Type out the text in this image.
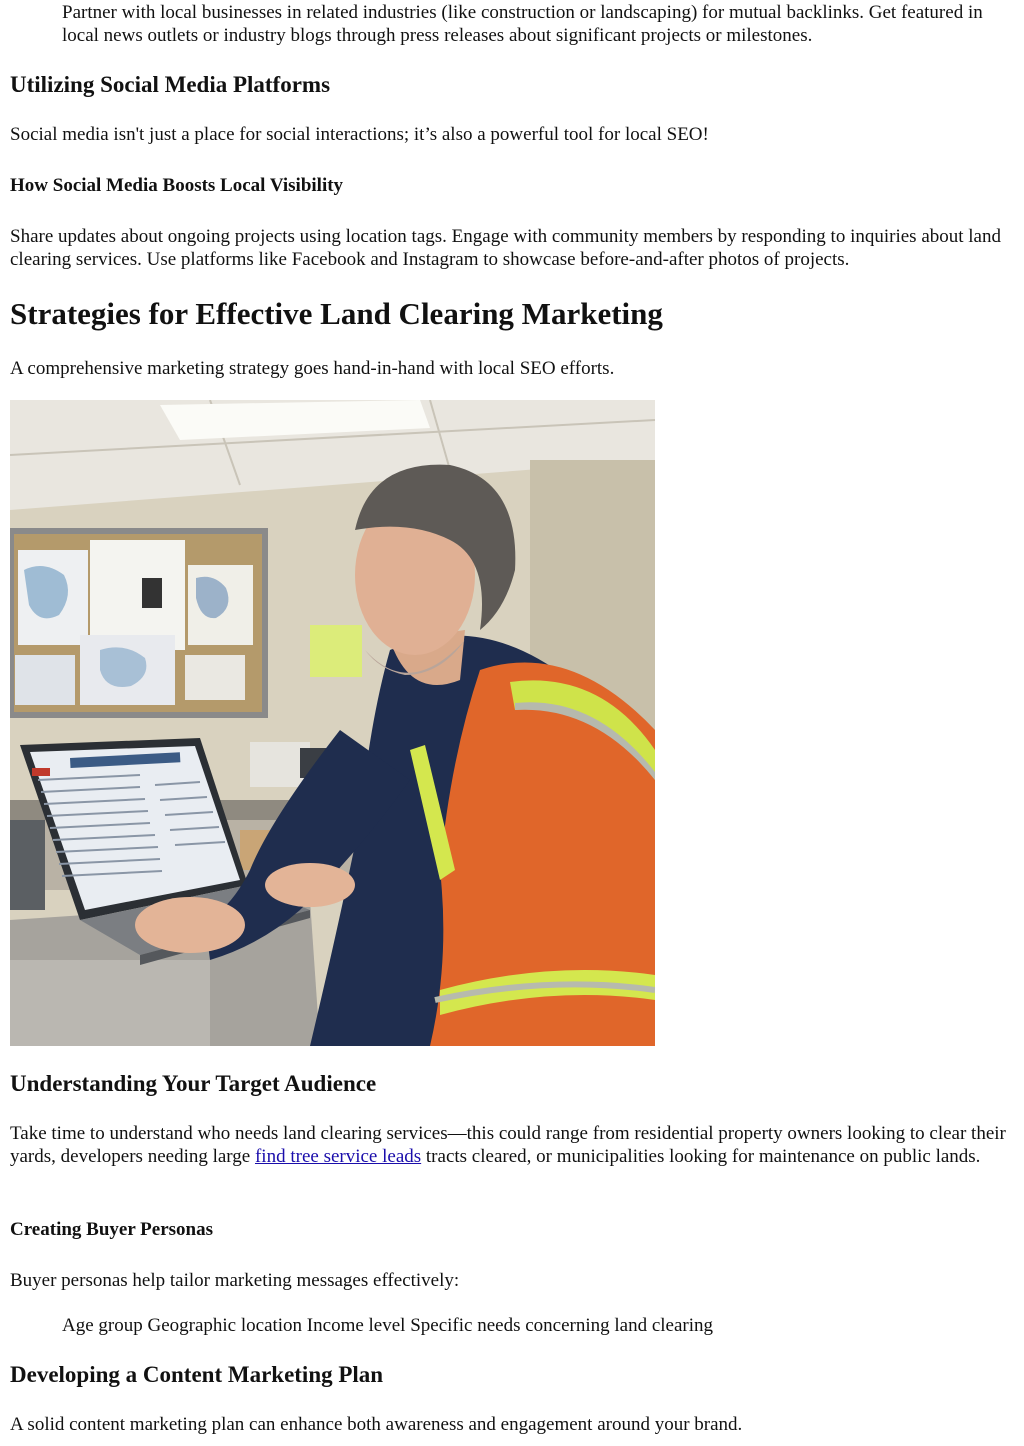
Partner with local businesses in related industries (like construction or landscaping) for mutual backlinks. Get featured in local news outlets or industry blogs through press releases about significant projects or milestones.

Utilizing Social Media Platforms

Social media isn't just a place for social interactions; it’s also a powerful tool for local SEO!

How Social Media Boosts Local Visibility

Share updates about ongoing projects using location tags. Engage with community members by responding to inquiries about land clearing services. Use platforms like Facebook and Instagram to showcase before-and-after photos of projects.

Strategies for Effective Land Clearing Marketing

A comprehensive marketing strategy goes hand-in-hand with local SEO efforts.

Understanding Your Target Audience

Take time to understand who needs land clearing services—this could range from residential property owners looking to clear their yards, developers needing large find tree service leads tracts cleared, or municipalities looking for maintenance on public lands.

Creating Buyer Personas

Buyer personas help tailor marketing messages effectively:

Age group Geographic location Income level Specific needs concerning land clearing

Developing a Content Marketing Plan

A solid content marketing plan can enhance both awareness and engagement around your brand.
